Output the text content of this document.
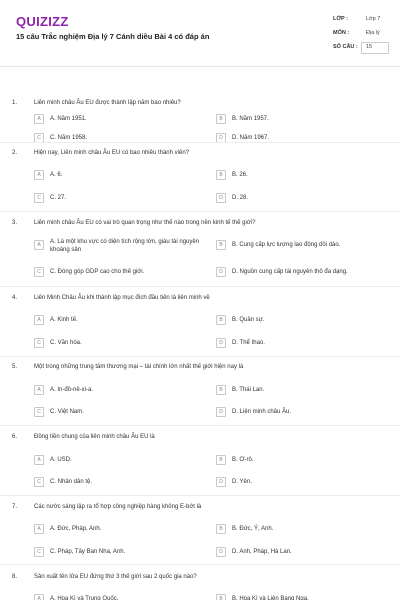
QUIZIZZ
15 câu Trắc nghiệm Địa lý 7 Cánh diều Bài 4 có đáp án
LỚP :	Lớp 7
MÔN :	Địa lý
SỐ CÂU : 15
1.	Liên minh châu Âu EU được thành lập năm bao nhiêu?
A	A. Năm 1951.	B	B. Năm 1957.
C	C. Năm 1958.	D	D. Năm 1967.
2.	Hiện nay, Liên minh châu Âu EU có bao nhiêu thành viên?
A	A. 6.	B	B. 26.
C	C. 27.	D	D. 28.
3.	Liên minh châu Âu EU có vai trò quan trọng như thế nào trong nền kinh tế thế giới?
A	A. Là một khu vực có diện tích rộng lớn, giàu tài nguyên khoáng sản
B	B. Cung cấp lực lượng lao động dồi dào.
C	C. Đóng góp GDP cao cho thế giới.	D	D. Nguồn cung cấp tài nguyên thô đa dạng.
4.	Liên Minh Châu Âu khi thành lập mục đích đầu tiên là liên minh về
A	A. Kinh tế.	B	B. Quân sự.
C	C. Văn hóa.	D	D. Thể thao.
5.	Một trong những trung tâm thương mại – tài chính lớn nhất thế giới hiện nay là
A	A. In-đô-nê-xi-a.	B	B. Thái Lan.
C	C. Việt Nam.	D	D. Liên minh châu Âu.
6.	Đồng tiền chung của liên minh châu Âu EU là
A	A. USD.	B	B. Ơ-rô.
C	C. Nhân dân tệ.	D	D. Yên.
7.	Các nước sáng lập ra tổ hợp công nghiệp hàng không E-bớt là
A	A. Đức, Pháp, Anh.	B	B. Đức, Ý, Anh.
C	C. Pháp, Tây Ban Nha, Anh.	D	D. Anh, Pháp, Hà Lan.
8.	Sản xuất tên lửa EU đứng thứ 3 thế giới sau 2 quốc gia nào?
A	A. Hoa Kì và Trung Quốc.	B	B. Hoa Kì và Liên Bang Nga.
